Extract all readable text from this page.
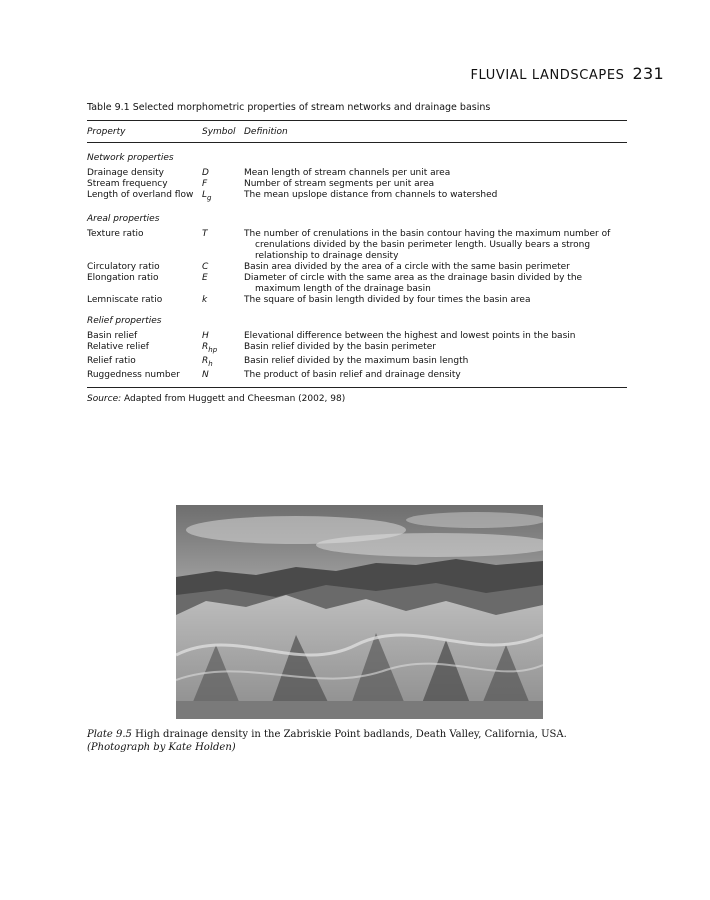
FLUVIAL LANDSCAPES 231
Table 9.1 Selected morphometric properties of stream networks and drainage basins
Property	Symbol Definition
Network properties
Drainage density	D	Mean length of stream channels per unit area
Stream frequency	F	Number of stream segments per unit area
Length of overland flow $L_g$	The mean upslope distance from channels to watershed
Areal properties
Texture ratio	T	The number of crenulations in the basin contour having the maximum number of crenulations divided by the basin perimeter length. Usually bears a strong relationship to drainage density
Circulatory ratio	C	Basin area divided by the area of a circle with the same basin perimeter
Elongation ratio	E	Diameter of circle with the same area as the drainage basin divided by the maximum length of the drainage basin
Lemniscate ratio	k	The square of basin length divided by four times the basin area
Relief properties
Basin relief	H	Elevational difference between the highest and lowest points in the basin
Relative relief	$R_{hp}$	Basin relief divided by the basin perimeter
Relief ratio	$R_h$	Basin relief divided by the maximum basin length
Ruggedness number	N	The product of basin relief and drainage density
Source: Adapted from Huggett and Cheesman (2002, 98)
Plate 9.5 High drainage density in the Zabriskie Point badlands, Death Valley, California, USA.
(Photograph by Kate Holden)
